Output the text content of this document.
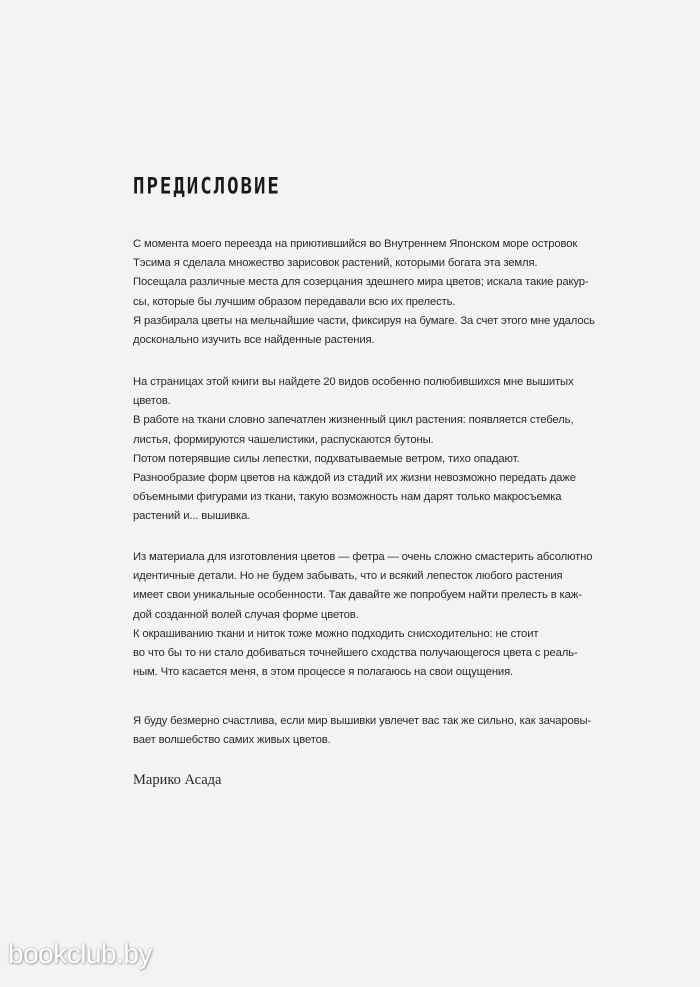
ПРЕДИСЛОВИЕ
С момента моего переезда на приютившийся во Внутреннем Японском море островок
Тэсима я сделала множество зарисовок растений, которыми богата эта земля.
Посещала различные места для созерцания здешнего мира цветов; искала такие ракур-
сы, которые бы лучшим образом передавали всю их прелесть.
Я разбирала цветы на мельчайшие части, фиксируя на бумаге. За счет этого мне удалось
досконально изучить все найденные растения.
На страницах этой книги вы найдете 20 видов особенно полюбившихся мне вышитых
цветов.
В работе на ткани словно запечатлен жизненный цикл растения: появляется стебель,
листья, формируются чашелистики, распускаются бутоны.
Потом потерявшие силы лепестки, подхватываемые ветром, тихо опадают.
Разнообразие форм цветов на каждой из стадий их жизни невозможно передать даже
объемными фигурами из ткани, такую возможность нам дарят только макросъемка
растений и... вышивка.
Из материала для изготовления цветов — фетра — очень сложно смастерить абсолютно
идентичные детали. Но не будем забывать, что и всякий лепесток любого растения
имеет свои уникальные особенности. Так давайте же попробуем найти прелесть в каж-
дой созданной волей случая форме цветов.
К окрашиванию ткани и ниток тоже можно подходить снисходительно: не стоит
во что бы то ни стало добиваться точнейшего сходства получающегося цвета с реаль-
ным. Что касается меня, в этом процессе я полагаюсь на свои ощущения.
Я буду безмерно счастлива, если мир вышивки увлечет вас так же сильно, как зачаровы-
вает волшебство самих живых цветов.

Марико Асада

bookclub.by
